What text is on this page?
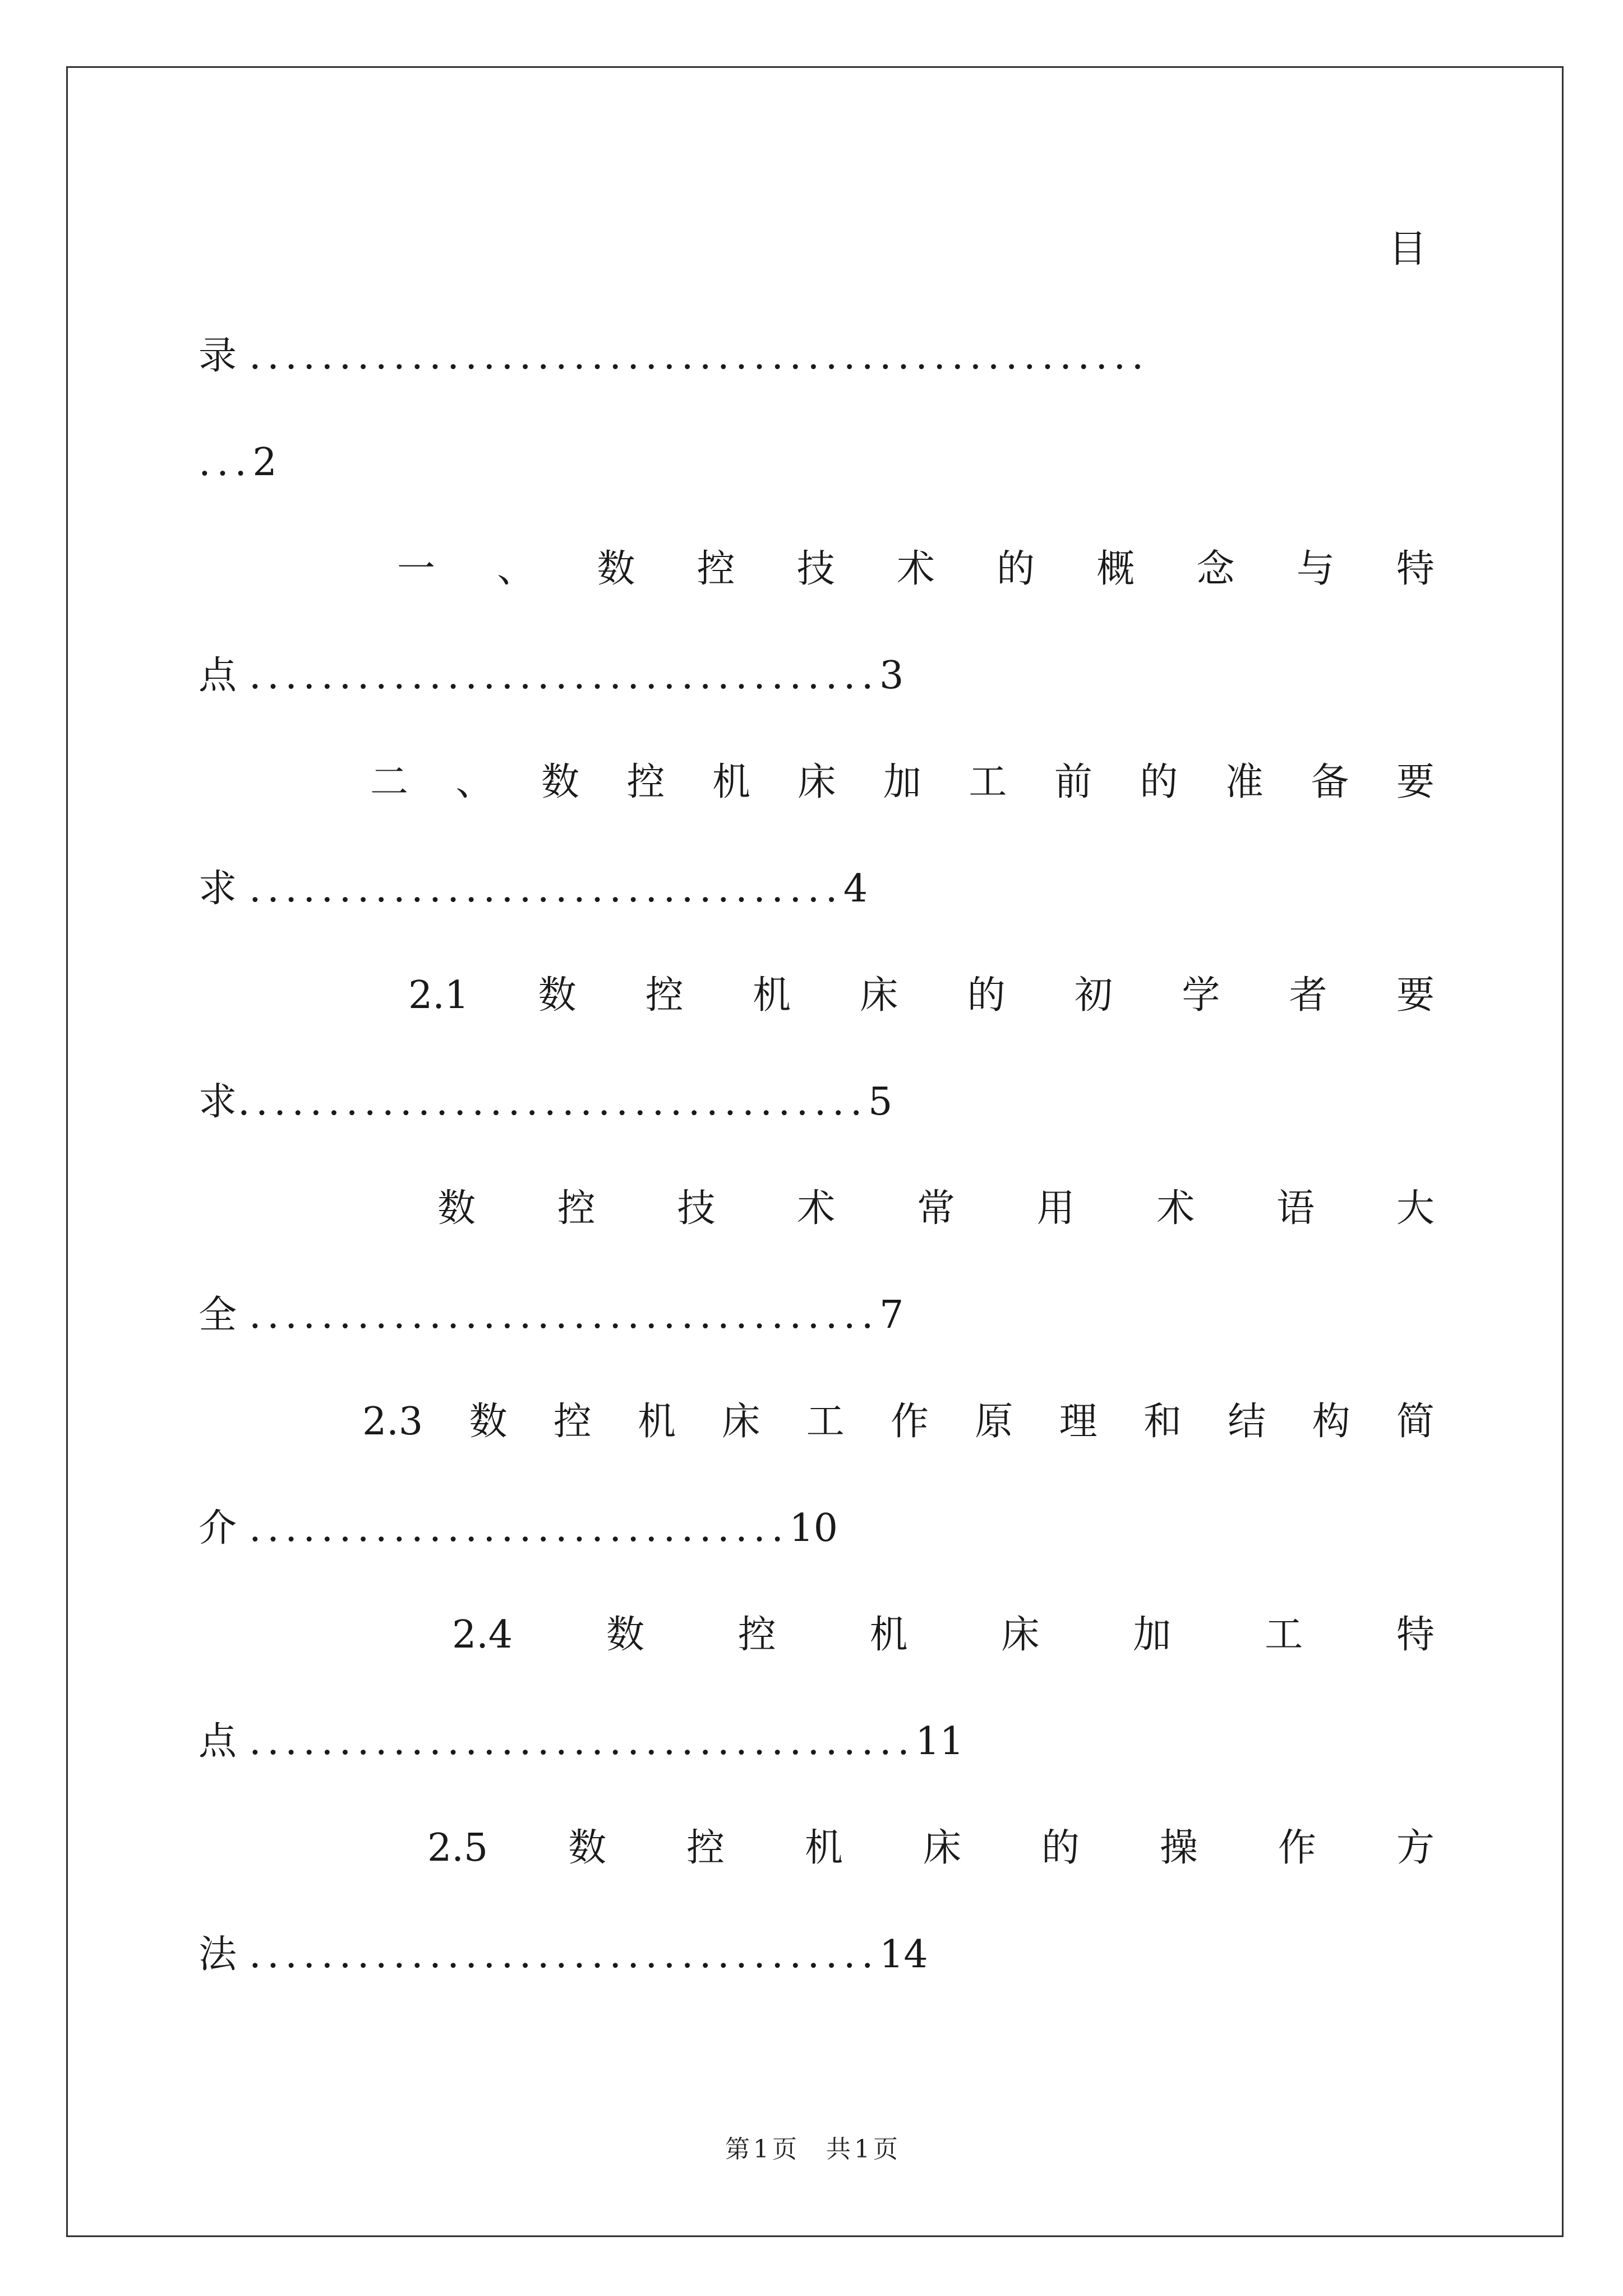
目
录 ..................................................
...2
一 、 数 控 技 术 的 概 念 与 特
点 ...................................3
二 、 数 控 机 床 加 工 前 的 准 备 要
求 .................................4
2.1 数 控 机 床 的 初 学 者 要
求...................................5
数 控 技 术 常 用 术 语 大
全 ...................................7
2.3 数 控 机 床 工 作 原 理 和 结 构 简
介 ..............................10
2.4 数 控 机 床 加 工 特
点 .....................................11
2.5 数 控 机 床 的 操 作 方
法 ...................................14
第 1 页 共 1 页
